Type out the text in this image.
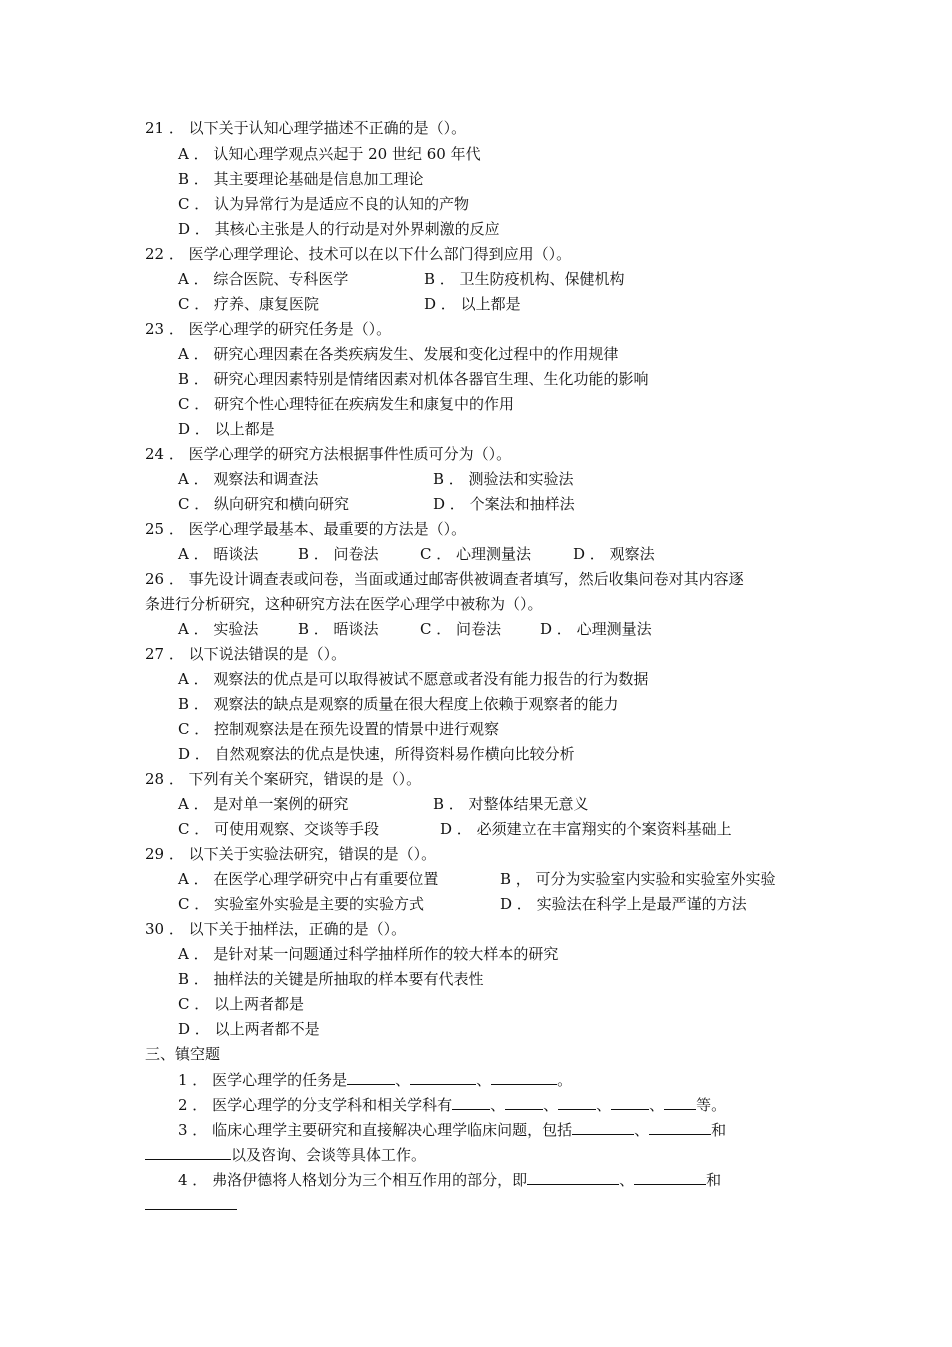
21 ． 以下关于认知心理学描述不正确的是（）。
A ． 认知心理学观点兴起于 20 世纪 60 年代
B ． 其主要理论基础是信息加工理论
C ． 认为异常行为是适应不良的认知的产物
D ． 其核心主张是人的行动是对外界刺激的反应
22 ． 医学心理学理论、技术可以在以下什么部门得到应用（）。
A ． 综合医院、专科医学	B ． 卫生防疫机构、保健机构
C ． 疗养、康复医院	D ． 以上都是
23 ． 医学心理学的研究任务是（）。
A ． 研究心理因素在各类疾病发生、发展和变化过程中的作用规律
B ． 研究心理因素特别是情绪因素对机体各器官生理、生化功能的影响
C ． 研究个性心理特征在疾病发生和康复中的作用
D ． 以上都是
24 ． 医学心理学的研究方法根据事件性质可分为（）。
A ． 观察法和调查法	B ． 测验法和实验法
C ． 纵向研究和横向研究	D ． 个案法和抽样法
25 ． 医学心理学最基本、最重要的方法是（）。
A ． 晤谈法	B ． 问卷法	C ． 心理测量法	D ． 观察法
26 ． 事先设计调查表或问卷，当面或通过邮寄供被调查者填写，然后收集问卷对其内容逐
条进行分析研究，这种研究方法在医学心理学中被称为（）。
A ． 实验法	B ． 晤谈法	C ． 问卷法	D ． 心理测量法
27 ． 以下说法错误的是（）。
A ． 观察法的优点是可以取得被试不愿意或者没有能力报告的行为数据
B ． 观察法的缺点是观察的质量在很大程度上依赖于观察者的能力
C ． 控制观察法是在预先设置的情景中进行观察
D ． 自然观察法的优点是快速，所得资料易作横向比较分析
28 ． 下列有关个案研究，错误的是（）。
A ． 是对单一案例的研究	B ． 对整体结果无意义
C ． 可使用观察、交谈等手段	D ． 必须建立在丰富翔实的个案资料基础上
29 ． 以下关于实验法研究，错误的是（）。
A ． 在医学心理学研究中占有重要位置	B ， 可分为实验室内实验和实验室外实验
C ． 实验室外实验是主要的实验方式	D ． 实验法在科学上是最严谨的方法
30 ． 以下关于抽样法，正确的是（）。
A ． 是针对某一问题通过科学抽样所作的较大样本的研究
B ． 抽样法的关键是所抽取的样本要有代表性
C ． 以上两者都是
D ． 以上两者都不是
三、镇空题
1 ． 医学心理学的任务是	、	、	。
2 ． 医学心理学的分支学科和相关学科有	、	、	、	、 等。
3 ． 临床心理学主要研究和直接解决心理学临床问题，包括	、	和
以及咨询、会谈等具体工作。
4 ． 弗洛伊德将人格划分为三个相互作用的部分，即	、	和
